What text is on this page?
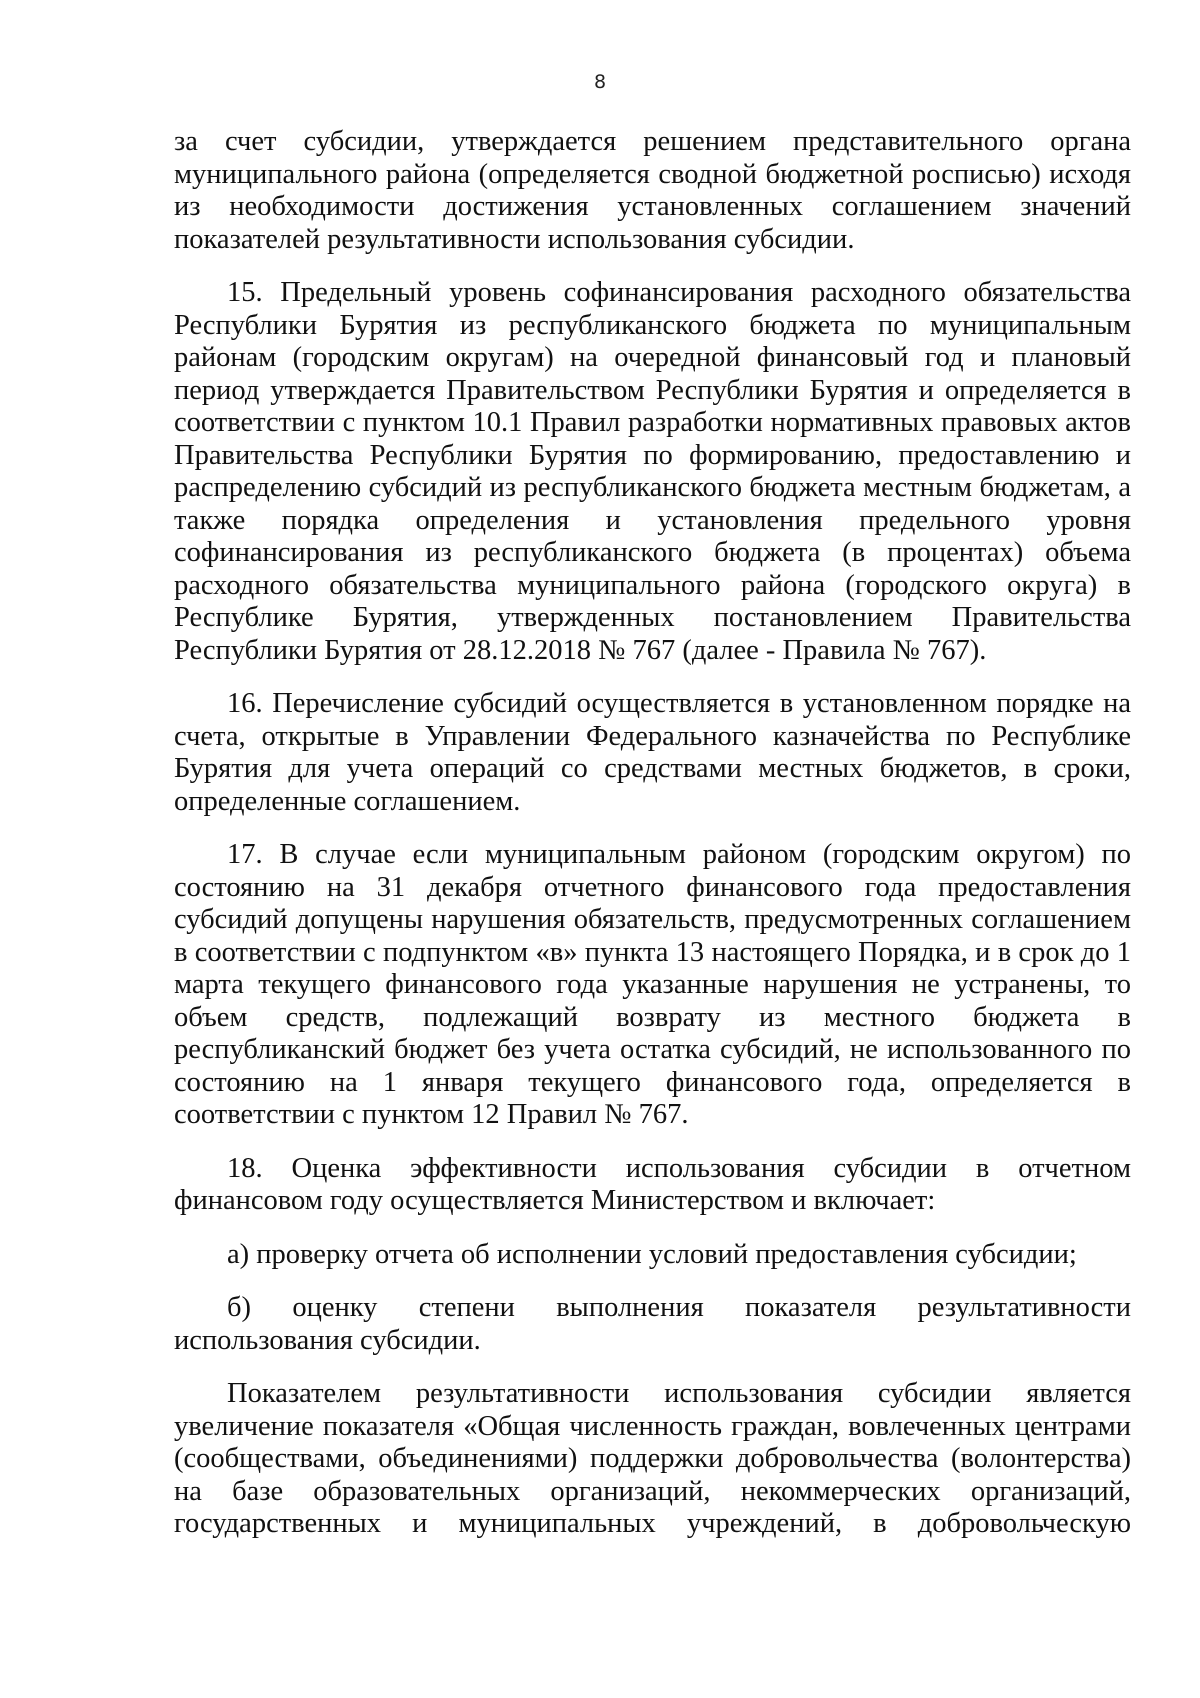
8

за счет субсидии, утверждается решением представительного органа муниципального района (определяется сводной бюджетной росписью) исходя из необходимости достижения установленных соглашением значений показателей результативности использования субсидии.

15. Предельный уровень софинансирования расходного обязательства Республики Бурятия из республиканского бюджета по муниципальным районам (городским округам) на очередной финансовый год и плановый период утверждается Правительством Республики Бурятия и определяется в соответствии с пунктом 10.1 Правил разработки нормативных правовых актов Правительства Республики Бурятия по формированию, предоставлению и распределению субсидий из республиканского бюджета местным бюджетам, а также порядка определения и установления предельного уровня софинансирования из республиканского бюджета (в процентах) объема расходного обязательства муниципального района (городского округа) в Республике Бурятия, утвержденных постановлением Правительства Республики Бурятия от 28.12.2018 № 767 (далее - Правила № 767).

16. Перечисление субсидий осуществляется в установленном порядке на счета, открытые в Управлении Федерального казначейства по Республике Бурятия для учета операций со средствами местных бюджетов, в сроки, определенные соглашением.

17. В случае если муниципальным районом (городским округом) по состоянию на 31 декабря отчетного финансового года предоставления субсидий допущены нарушения обязательств, предусмотренных соглашением в соответствии с подпунктом «в» пункта 13 настоящего Порядка, и в срок до 1 марта текущего финансового года указанные нарушения не устранены, то объем средств, подлежащий возврату из местного бюджета в республиканский бюджет без учета остатка субсидий, не использованного по состоянию на 1 января текущего финансового года, определяется в соответствии с пунктом 12 Правил № 767.

18. Оценка эффективности использования субсидии в отчетном финансовом году осуществляется Министерством и включает:

а) проверку отчета об исполнении условий предоставления субсидии;

б) оценку степени выполнения показателя результативности использования субсидии.

Показателем результативности использования субсидии является увеличение показателя «Общая численность граждан, вовлеченных центрами (сообществами, объединениями) поддержки добровольчества (волонтерства) на базе образовательных организаций, некоммерческих организаций, государственных и муниципальных учреждений, в добровольческую
